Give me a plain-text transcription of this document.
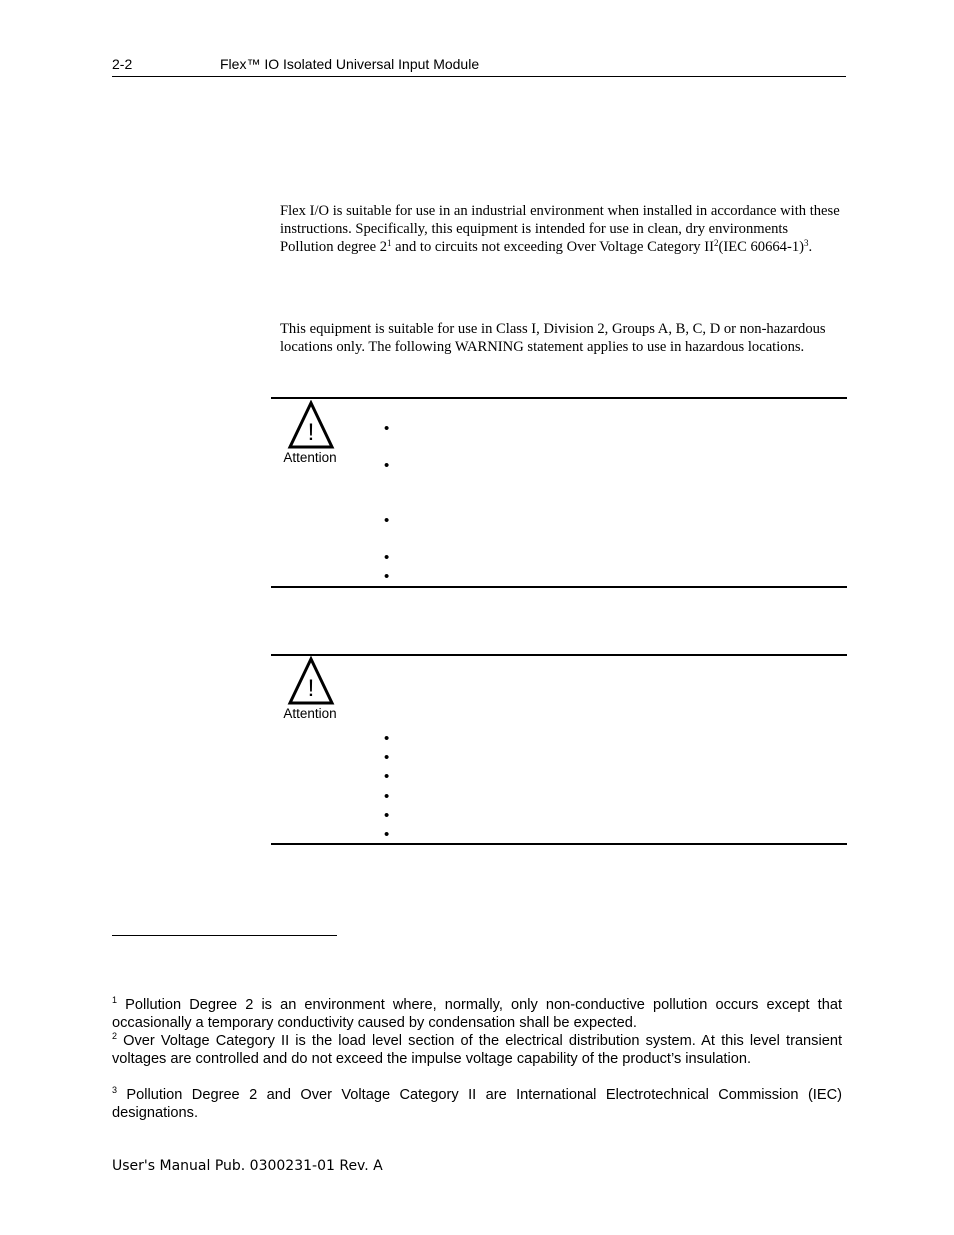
2-2	Flex™ IO Isolated Universal Input Module
Flex I/O is suitable for use in an industrial environment when installed in accordance with these instructions. Specifically, this equipment is intended for use in clean, dry environments Pollution degree $2^1$ and to circuits not exceeding Over Voltage Category $II^2(IEC$ 60664-1)$^3$.
This equipment is suitable for use in Class I, Division 2, Groups A, B, C, D or non-hazardous locations only. The following WARNING statement applies to use in hazardous locations.
!
Attention
•
•
•
•
•
!
Attention
•
•
•
•
•
•
$^1$ Pollution Degree 2 is an environment where, normally, only non-conductive pollution occurs except that occasionally a temporary conductivity caused by condensation shall be expected.
$^2$ Over Voltage Category II is the load level section of the electrical distribution system. At this level transient voltages are controlled and do not exceed the impulse voltage capability of the product’s insulation.
$^3$ Pollution Degree 2 and Over Voltage Category II are International Electrotechnical Commission (IEC) designations.
User's Manual Pub. 0300231-01 Rev. A
